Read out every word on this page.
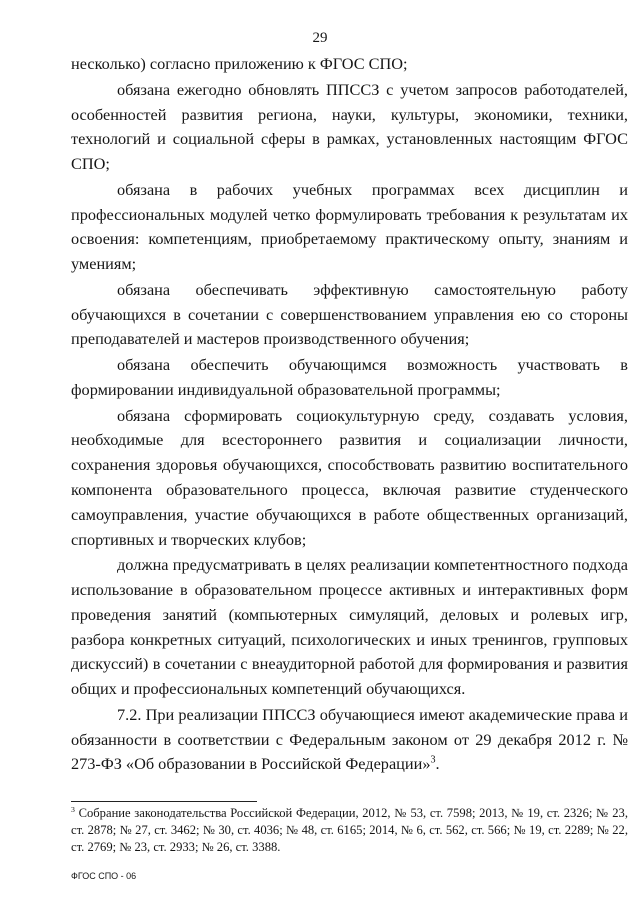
29

несколько) согласно приложению к ФГОС СПО;

обязана ежегодно обновлять ППССЗ с учетом запросов работодателей, особенностей развития региона, науки, культуры, экономики, техники, технологий и социальной сферы в рамках, установленных настоящим ФГОС СПО;

обязана в рабочих учебных программах всех дисциплин и профессиональных модулей четко формулировать требования к результатам их освоения: компетенциям, приобретаемому практическому опыту, знаниям и умениям;

обязана обеспечивать эффективную самостоятельную работу обучающихся в сочетании с совершенствованием управления ею со стороны преподавателей и мастеров производственного обучения;

обязана обеспечить обучающимся возможность участвовать в формировании индивидуальной образовательной программы;

обязана сформировать социокультурную среду, создавать условия, необходимые для всестороннего развития и социализации личности, сохранения здоровья обучающихся, способствовать развитию воспитательного компонента образовательного процесса, включая развитие студенческого самоуправления, участие обучающихся в работе общественных организаций, спортивных и творческих клубов;

должна предусматривать в целях реализации компетентностного подхода использование в образовательном процессе активных и интерактивных форм проведения занятий (компьютерных симуляций, деловых и ролевых игр, разбора конкретных ситуаций, психологических и иных тренингов, групповых дискуссий) в сочетании с внеаудиторной работой для формирования и развития общих и профессиональных компетенций обучающихся.

7.2. При реализации ППССЗ обучающиеся имеют академические права и обязанности в соответствии с Федеральным законом от 29 декабря 2012 г. № 273-ФЗ «Об образовании в Российской Федерации»$^3$.

$^3$ Собрание законодательства Российской Федерации, 2012, № 53, ст. 7598; 2013, № 19, ст. 2326; № 23, ст. 2878; № 27, ст. 3462; № 30, ст. 4036; № 48, ст. 6165; 2014, № 6, ст. 562, ст. 566; № 19, ст. 2289; № 22, ст. 2769; № 23, ст. 2933; № 26, ст. 3388.

ФГОС СПО - 06
